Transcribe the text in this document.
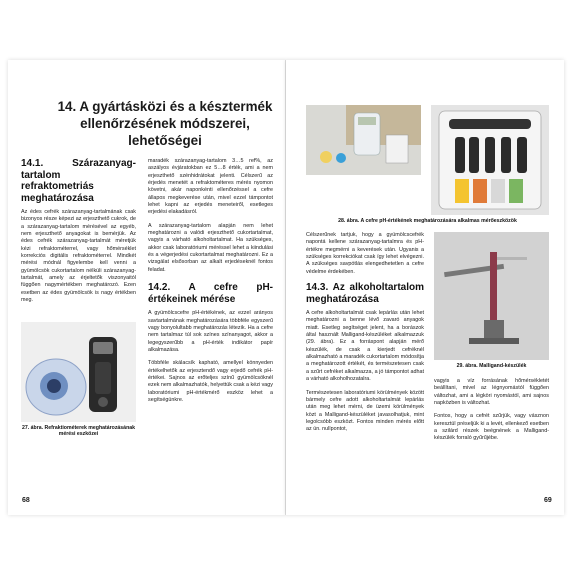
14. A gyártásközi és a késztermék ellenőrzésének módszerei, lehetőségei
14.1. Szárazanyag-tartalom refraktometriás meghatározása

Az édes cefrék szárazanyag-tartalmának csak bizonyos része képezi az erjeszthető cukrok, de a szárazanyag-tartalom mérésével az egyéb, nem erjeszthető anyagokat is bemérjük. Az édes cefrék szárazanyag-tartalmát méretjük kézi refraktométerrel, vagy hőmérséklet korrekciós digitális refraktométerrel. Mindkét mérési módnál figyelembe kell venni a gyümölcsök cukortartalom nélküli szárazanyag-tartalmát, amely az érjeltetők viszonyaitól függően nagymértékben meghatározó. Ezen esetben az édes gyümölcsök is nagy értékben meg.

maradék szárazanyag-tartalom 3…5 ref%, az aszályos évjáratokban ez 5…8 érték, ami a nem erjeszthető szénhidrátokat jelenti. Célszerű az érjedés menetét a refraktométeres mérés nyomon követni, akár naponkénti ellenőrzéssel a cefre állapos megkeverése után, mivel ezzel támpontot lehet kapni az erjedés meneteiről, esetleges erjedési elakadásról.

A szárazanyag-tartalom alapján nem lehet meghatározni a valódi erjeszthető cukortartalmat, vagyis a várható alkoholtartalmat. Ha szükséges, akkor csak laboratóriumi méréssel lehet a kiindulási és a végerjedési cukortartalmat meghatározni. Ez a vizsgálat elsősorban az alkalt erjedéseknél fontos feladat.

14.2. A cefre pH-értékeinek mérése

A gyümölcscefre pH-értékének, az ezzel arányos savtartalmának meghatározására többféle egyszerű vagy bonyolultabb meghatározás létezik. Ha a cefre nem tartalmaz túl sok színes színanyagot, akkor a legegyszerűbb a pH-érték indikátor papír alkalmazása.

Többféle skálacsík kapható, amellyel könnyeden értékelhetők az erjesztendő vagy erjedő cefrék pH-értékei. Sajnos az erőteljes színű gyümölcsöknél ezek nem alkalmazhatók, helyettük csak a kézi vagy laboratóriumi pH-értékmérő eszköz lehet a segítségünkre.

27. ábra. Refraktiométerek meghatározásának mérési eszközei
68
28. ábra. A cefre pH-értékének meghatározására alkalmas mérőeszközök

Célszerűnek tartjuk, hogy a gyümölcscefrék napontá kellene szárazanyag-tartalmra és pH-értékre megmérni a keverések után. Ugyanis a szükséges korrekciókat csak így lehet elvégezni. A szükséges savpótlás elengedhetetlen a cefre védelme érdekében.

14.3. Az alkoholtartalom meghatározása

A cefre alkoholtartalmát csak lepárlás után lehet meghatározni a benne lévő zavaró anyagok miatt. Esetleg segítséget jelent, ha a borászok által használt Malligand-készüléket alkalmazzuk (29. ábra). Ez a forráspont alapján mérő készülék, de csak a kierjedt cefréknél alkalmazható a maradék cukortartalom módosítja a meghatározott értékét, és természetesen csak a szűrt cefréket alkalmazza, a jó támpontot adhat a várható alkoholhozatalra.

Természetesen laboratóriumi körülmények között bármely cefre adott alkoholtartalmát lepárlás után meg lehet mérni, de üzemi körülmények közt a Malligand-készüléket javasolhatjuk, mint legolcsóbb eszközt. Fontos minden mérés előtt az ún. nullpontot,

29. ábra. Malligand-készülék

vagyis a víz forrásának hőmérsékletét beállítani, mivel az légnyomástól függően változhat, ami a légköri nyomástól, ami sajnos napközben is változhat.

Fontos, hogy a cefrét szűrjük, vagy vásznon keresztül préseljük ki a levét, ellenkező esetben a szilárd részek beégnének a Malligand-készülék forraló gyűrűjébe.

69
